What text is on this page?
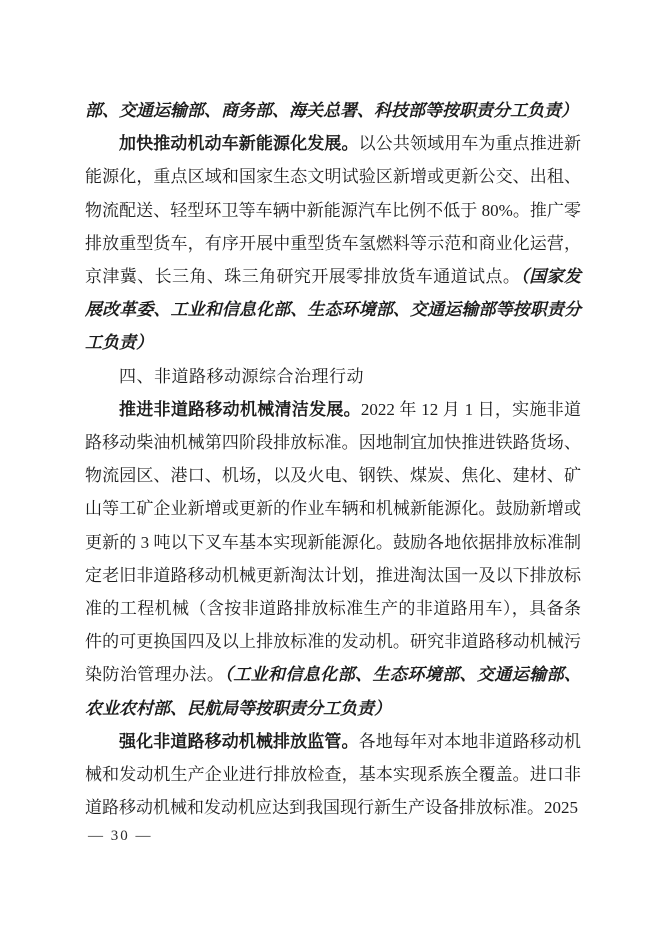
部、交通运输部、商务部、海关总署、科技部等按职责分工负责）

加快推动机动车新能源化发展。以公共领域用车为重点推进新能源化，重点区域和国家生态文明试验区新增或更新公交、出租、物流配送、轻型环卫等车辆中新能源汽车比例不低于 80%。推广零排放重型货车，有序开展中重型货车氢燃料等示范和商业化运营，京津冀、长三角、珠三角研究开展零排放货车通道试点。（国家发展改革委、工业和信息化部、生态环境部、交通运输部等按职责分工负责）

四、非道路移动源综合治理行动

推进非道路移动机械清洁发展。2022 年 12 月 1 日，实施非道路移动柴油机械第四阶段排放标准。因地制宜加快推进铁路货场、物流园区、港口、机场，以及火电、钢铁、煤炭、焦化、建材、矿山等工矿企业新增或更新的作业车辆和机械新能源化。鼓励新增或更新的 3 吨以下叉车基本实现新能源化。鼓励各地依据排放标准制定老旧非道路移动机械更新淘汰计划，推进淘汰国一及以下排放标准的工程机械（含按非道路排放标准生产的非道路用车），具备条件的可更换国四及以上排放标准的发动机。研究非道路移动机械污染防治管理办法。（工业和信息化部、生态环境部、交通运输部、农业农村部、民航局等按职责分工负责）

强化非道路移动机械排放监管。各地每年对本地非道路移动机械和发动机生产企业进行排放检查，基本实现系族全覆盖。进口非道路移动机械和发动机应达到我国现行新生产设备排放标准。2025

— 30 —
